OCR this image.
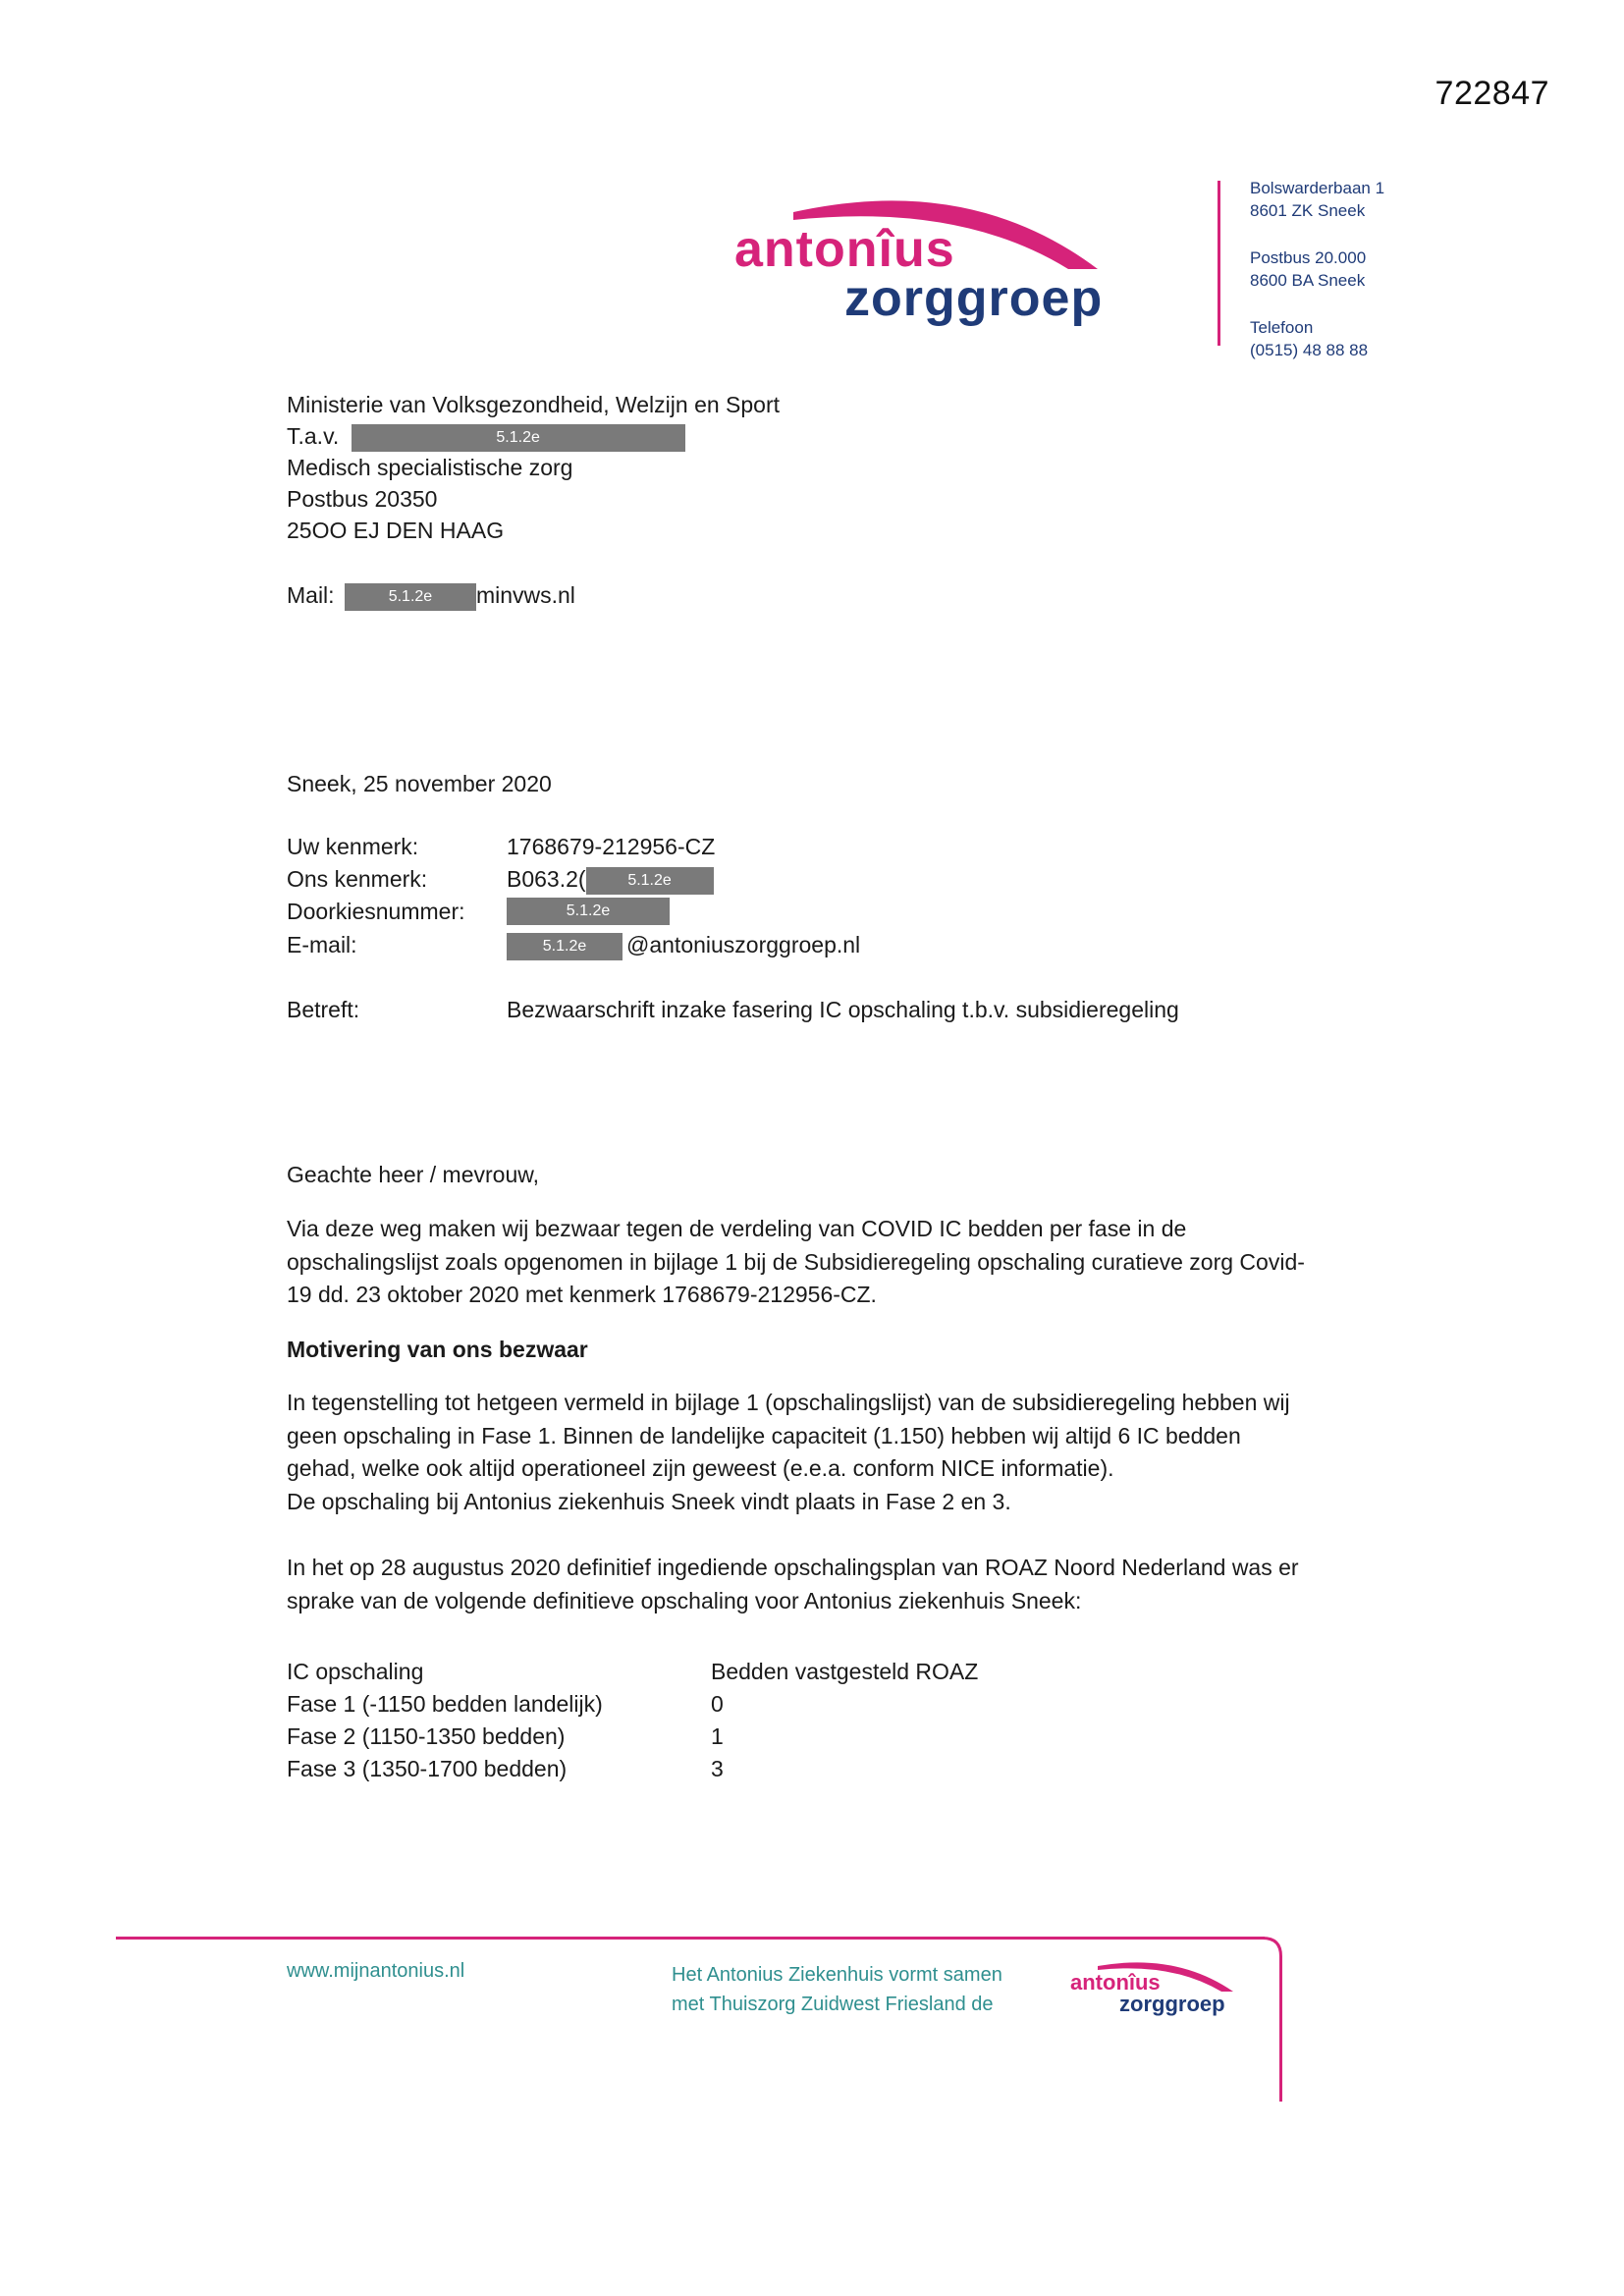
722847
antonîus
zorggroep
Bolswarderbaan 1
8601 ZK Sneek
Postbus 20.000
8600 BA Sneek
Telefoon
(0515) 48 88 88
Ministerie van Volksgezondheid, Welzijn en Sport
T.a.v.	5.1.2e
Medisch specialistische zorg
Postbus 20350
25OO EJ DEN HAAG
Mail:	5.1.2e minvws.nl
Sneek, 25 november 2020
Uw kenmerk:	1768679-212956-CZ
Ons kenmerk:	B063.2(	5.1.2e
Doorkiesnummer:	5.1.2e
E-mail:	5.1.2e @antoniuszorggroep.nl
Betreft:	Bezwaarschrift inzake fasering IC opschaling t.b.v. subsidieregeling
Geachte heer / mevrouw,

Via deze weg maken wij bezwaar tegen de verdeling van COVID IC bedden per fase in de

opschalingslijst zoals opgenomen in bijlage 1 bij de Subsidieregeling opschaling curatieve zorg Covid-

19 dd. 23 oktober 2020 met kenmerk 1768679-212956-CZ.

Motivering van ons bezwaar

In tegenstelling tot hetgeen vermeld in bijlage 1 (opschalingslijst) van de subsidieregeling hebben wij

geen opschaling in Fase 1. Binnen de landelijke capaciteit (1.150) hebben wij altijd 6 IC bedden

gehad, welke ook altijd operationeel zijn geweest (e.e.a. conform NICE informatie).

De opschaling bij Antonius ziekenhuis Sneek vindt plaats in Fase 2 en 3.

In het op 28 augustus 2020 definitief ingediende opschalingsplan van ROAZ Noord Nederland was er

sprake van de volgende definitieve opschaling voor Antonius ziekenhuis Sneek:

IC opschaling	Bedden vastgesteld ROAZ
Fase 1 (-1150 bedden landelijk)	0
Fase 2 (1150-1350 bedden)	1
Fase 3 (1350-1700 bedden)	3
www.mijnantonius.nl	Het Antonius Ziekenhuis vormt samen
met Thuiszorg Zuidwest Friesland de
antonîus
zorggroep
